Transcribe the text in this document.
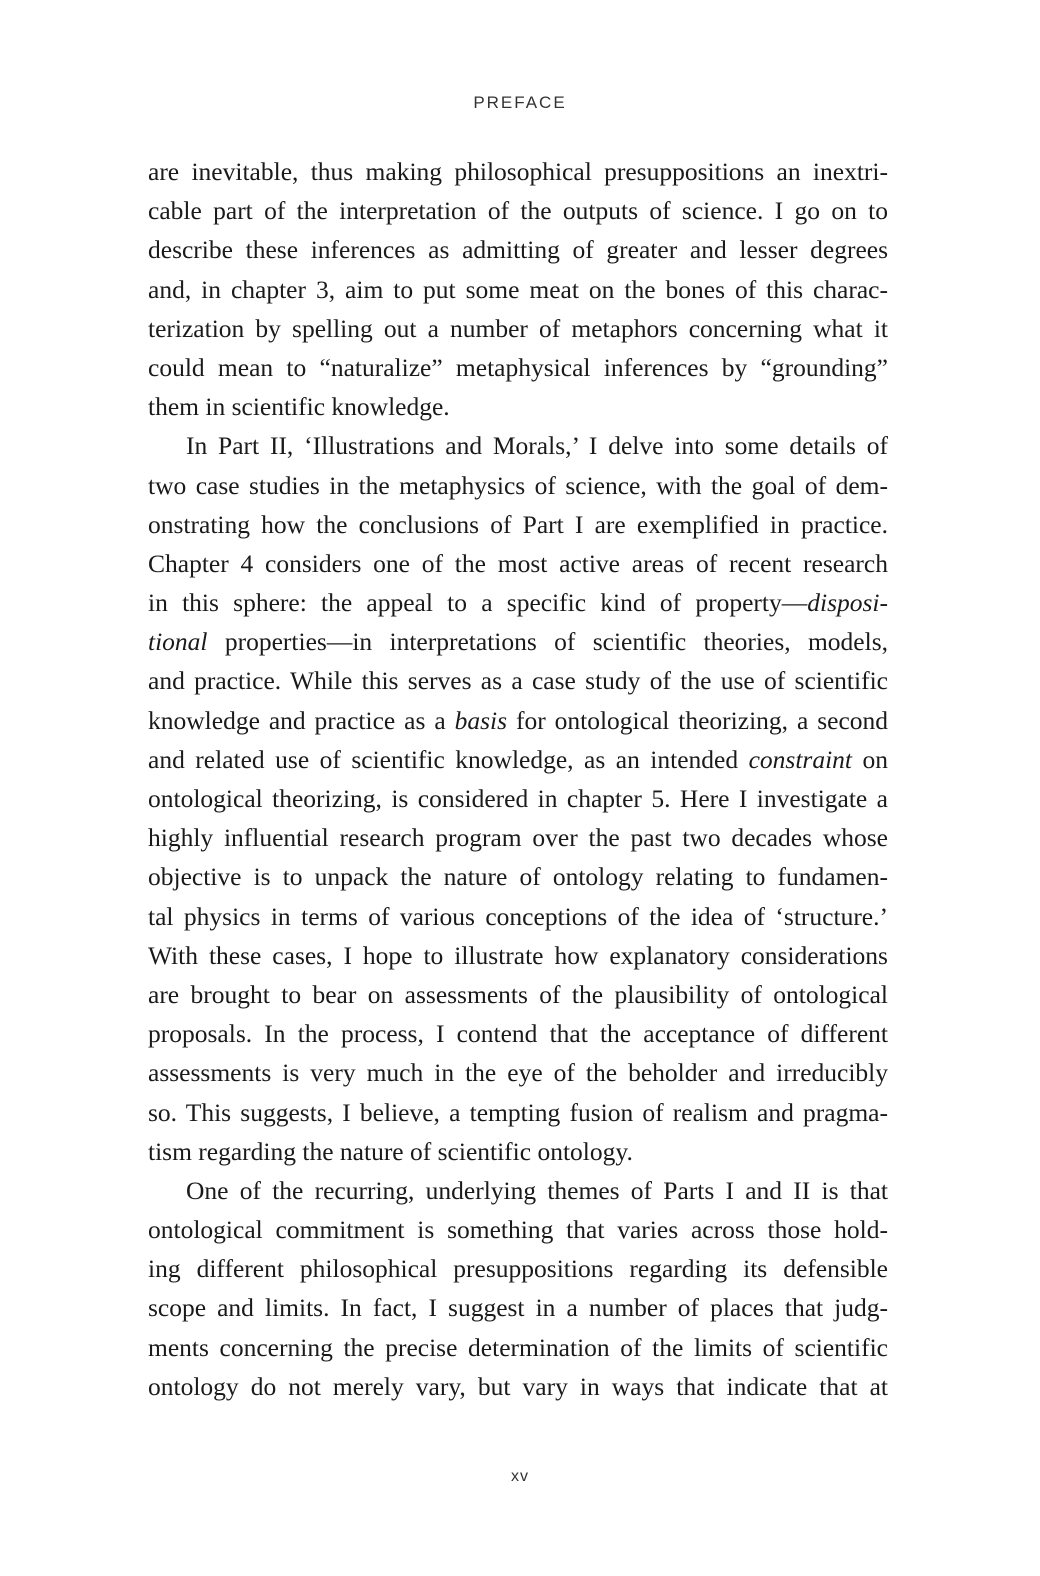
PREFACE
are inevitable, thus making philosophical presuppositions an inextri-
cable part of the interpretation of the outputs of science. I go on to
describe these inferences as admitting of greater and lesser degrees
and, in chapter 3, aim to put some meat on the bones of this charac-
terization by spelling out a number of metaphors concerning what it
could mean to “naturalize” metaphysical inferences by “grounding”
them in scientific knowledge.
In Part II, ‘Illustrations and Morals,’ I delve into some details of
two case studies in the metaphysics of science, with the goal of dem-
onstrating how the conclusions of Part I are exemplified in practice.
Chapter 4 considers one of the most active areas of recent research
in this sphere: the appeal to a specific kind of property—disposi-
tional properties—in interpretations of scientific theories, models,
and practice. While this serves as a case study of the use of scientific
knowledge and practice as a basis for ontological theorizing, a second
and related use of scientific knowledge, as an intended constraint on
ontological theorizing, is considered in chapter 5. Here I investigate a
highly influential research program over the past two decades whose
objective is to unpack the nature of ontology relating to fundamen-
tal physics in terms of various conceptions of the idea of ‘structure.’
With these cases, I hope to illustrate how explanatory considerations
are brought to bear on assessments of the plausibility of ontological
proposals. In the process, I contend that the acceptance of different
assessments is very much in the eye of the beholder and irreducibly
so. This suggests, I believe, a tempting fusion of realism and pragma-
tism regarding the nature of scientific ontology.
One of the recurring, underlying themes of Parts I and II is that
ontological commitment is something that varies across those hold-
ing different philosophical presuppositions regarding its defensible
scope and limits. In fact, I suggest in a number of places that judg-
ments concerning the precise determination of the limits of scientific
ontology do not merely vary, but vary in ways that indicate that at
xv
